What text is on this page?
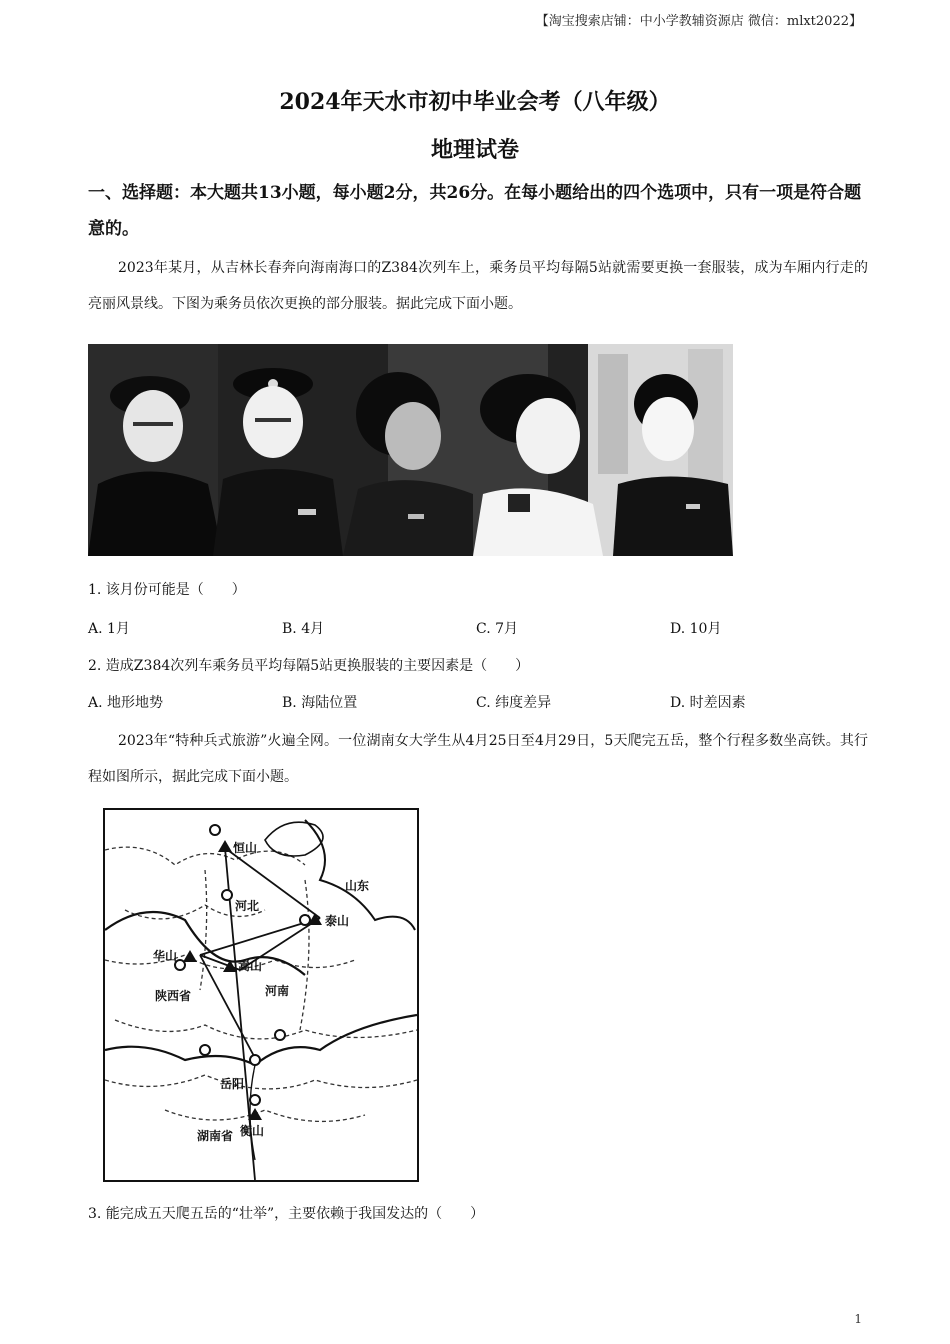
【淘宝搜索店铺：中小学教辅资源店 微信：mlxt2022】
2024年天水市初中毕业会考（八年级）
地理试卷
一、选择题：本大题共13小题，每小题2分，共26分。在每小题给出的四个选项中，只有一项是符合题意的。
2023年某月，从吉林长春奔向海南海口的Z384次列车上，乘务员平均每隔5站就需要更换一套服装，成为车厢内行走的亮丽风景线。下图为乘务员依次更换的部分服装。据此完成下面小题。
1. 该月份可能是（　　）
A. 1月	B. 4月	C. 7月	D. 10月
2. 造成Z384次列车乘务员平均每隔5站更换服装的主要因素是（　　）
A. 地形地势	B. 海陆位置	C. 纬度差异	D. 时差因素
2023年“特种兵式旅游”火遍全网。一位湖南女大学生从4月25日至4月29日，5天爬完五岳，整个行程多数坐高铁。其行程如图所示，据此完成下面小题。
恒山
河北
泰山
山东
华山
陕西省
嵩山
河南
岳阳
湖南省 衡山
3. 能完成五天爬五岳的“壮举”，主要依赖于我国发达的（　　）
1
